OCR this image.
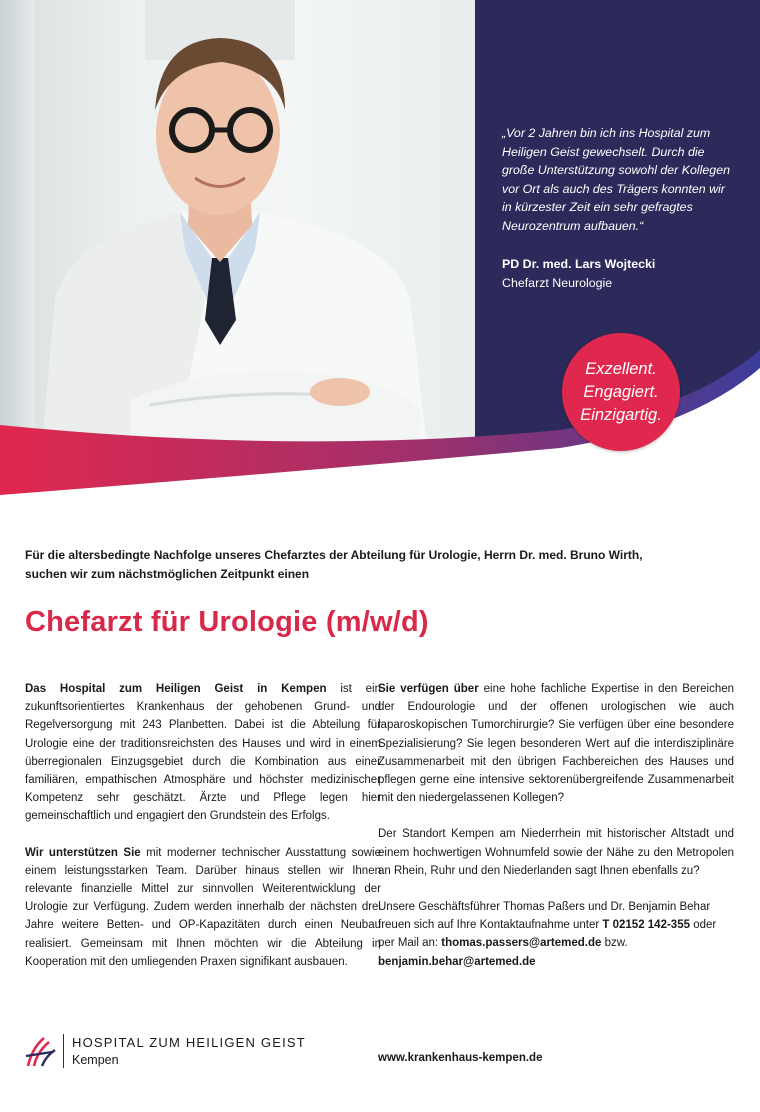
„Vor 2 Jahren bin ich ins Hospital zum Heiligen Geist gewechselt. Durch die große Unterstützung sowohl der Kollegen vor Ort als auch des Trägers konnten wir in kürzester Zeit ein sehr gefragtes Neurozentrum aufbauen.“
PD Dr. med. Lars Wojtecki
Chefarzt Neurologie
Exzellent.
Engagiert.
Einzigartig.
Für die altersbedingte Nachfolge unseres Chefarztes der Abteilung für Urologie, Herrn Dr. med. Bruno Wirth,
suchen wir zum nächstmöglichen Zeitpunkt einen
Chefarzt für Urologie (m/w/d)

Das Hospital zum Heiligen Geist in Kempen ist ein zukunftsorientiertes Krankenhaus der gehobenen Grund- und Regelversorgung mit 243 Planbetten. Dabei ist die Abteilung für Urologie eine der traditionsreichsten des Hauses und wird in einem überregionalen Einzugsgebiet durch die Kombination aus einer familiären, empathischen Atmosphäre und höchster medizinischer Kompetenz sehr geschätzt. Ärzte und Pflege legen hier gemeinschaftlich und engagiert den Grundstein des Erfolgs.

Wir unterstützen Sie mit moderner technischer Ausstattung sowie einem leistungsstarken Team. Darüber hinaus stellen wir Ihnen relevante finanzielle Mittel zur sinnvollen Weiterentwicklung der Urologie zur Verfügung. Zudem werden innerhalb der nächsten drei Jahre weitere Betten- und OP-Kapazitäten durch einen Neubau realisiert. Gemeinsam mit Ihnen möchten wir die Abteilung in Kooperation mit den umliegenden Praxen signifikant ausbauen.

Sie verfügen über eine hohe fachliche Expertise in den Bereichen der Endourologie und der offenen urologischen wie auch laparoskopischen Tumorchirurgie? Sie verfügen über eine besondere Spezialisierung? Sie legen besonderen Wert auf die interdisziplinäre Zusammenarbeit mit den übrigen Fachbereichen des Hauses und pflegen gerne eine intensive sektorenübergreifende Zusammenarbeit mit den niedergelassenen Kollegen?

Der Standort Kempen am Niederrhein mit historischer Altstadt und einem hochwertigen Wohnumfeld sowie der Nähe zu den Metropolen an Rhein, Ruhr und den Niederlanden sagt Ihnen ebenfalls zu?

Unsere Geschäftsführer Thomas Paßers und Dr. Benjamin Behar freuen sich auf Ihre Kontaktaufnahme unter T 02152 142-355 oder per Mail an: thomas.passers@artemed.de bzw. benjamin.behar@artemed.de

HOSPITAL ZUM HEILIGEN GEIST
Kempen	www.krankenhaus-kempen.de
